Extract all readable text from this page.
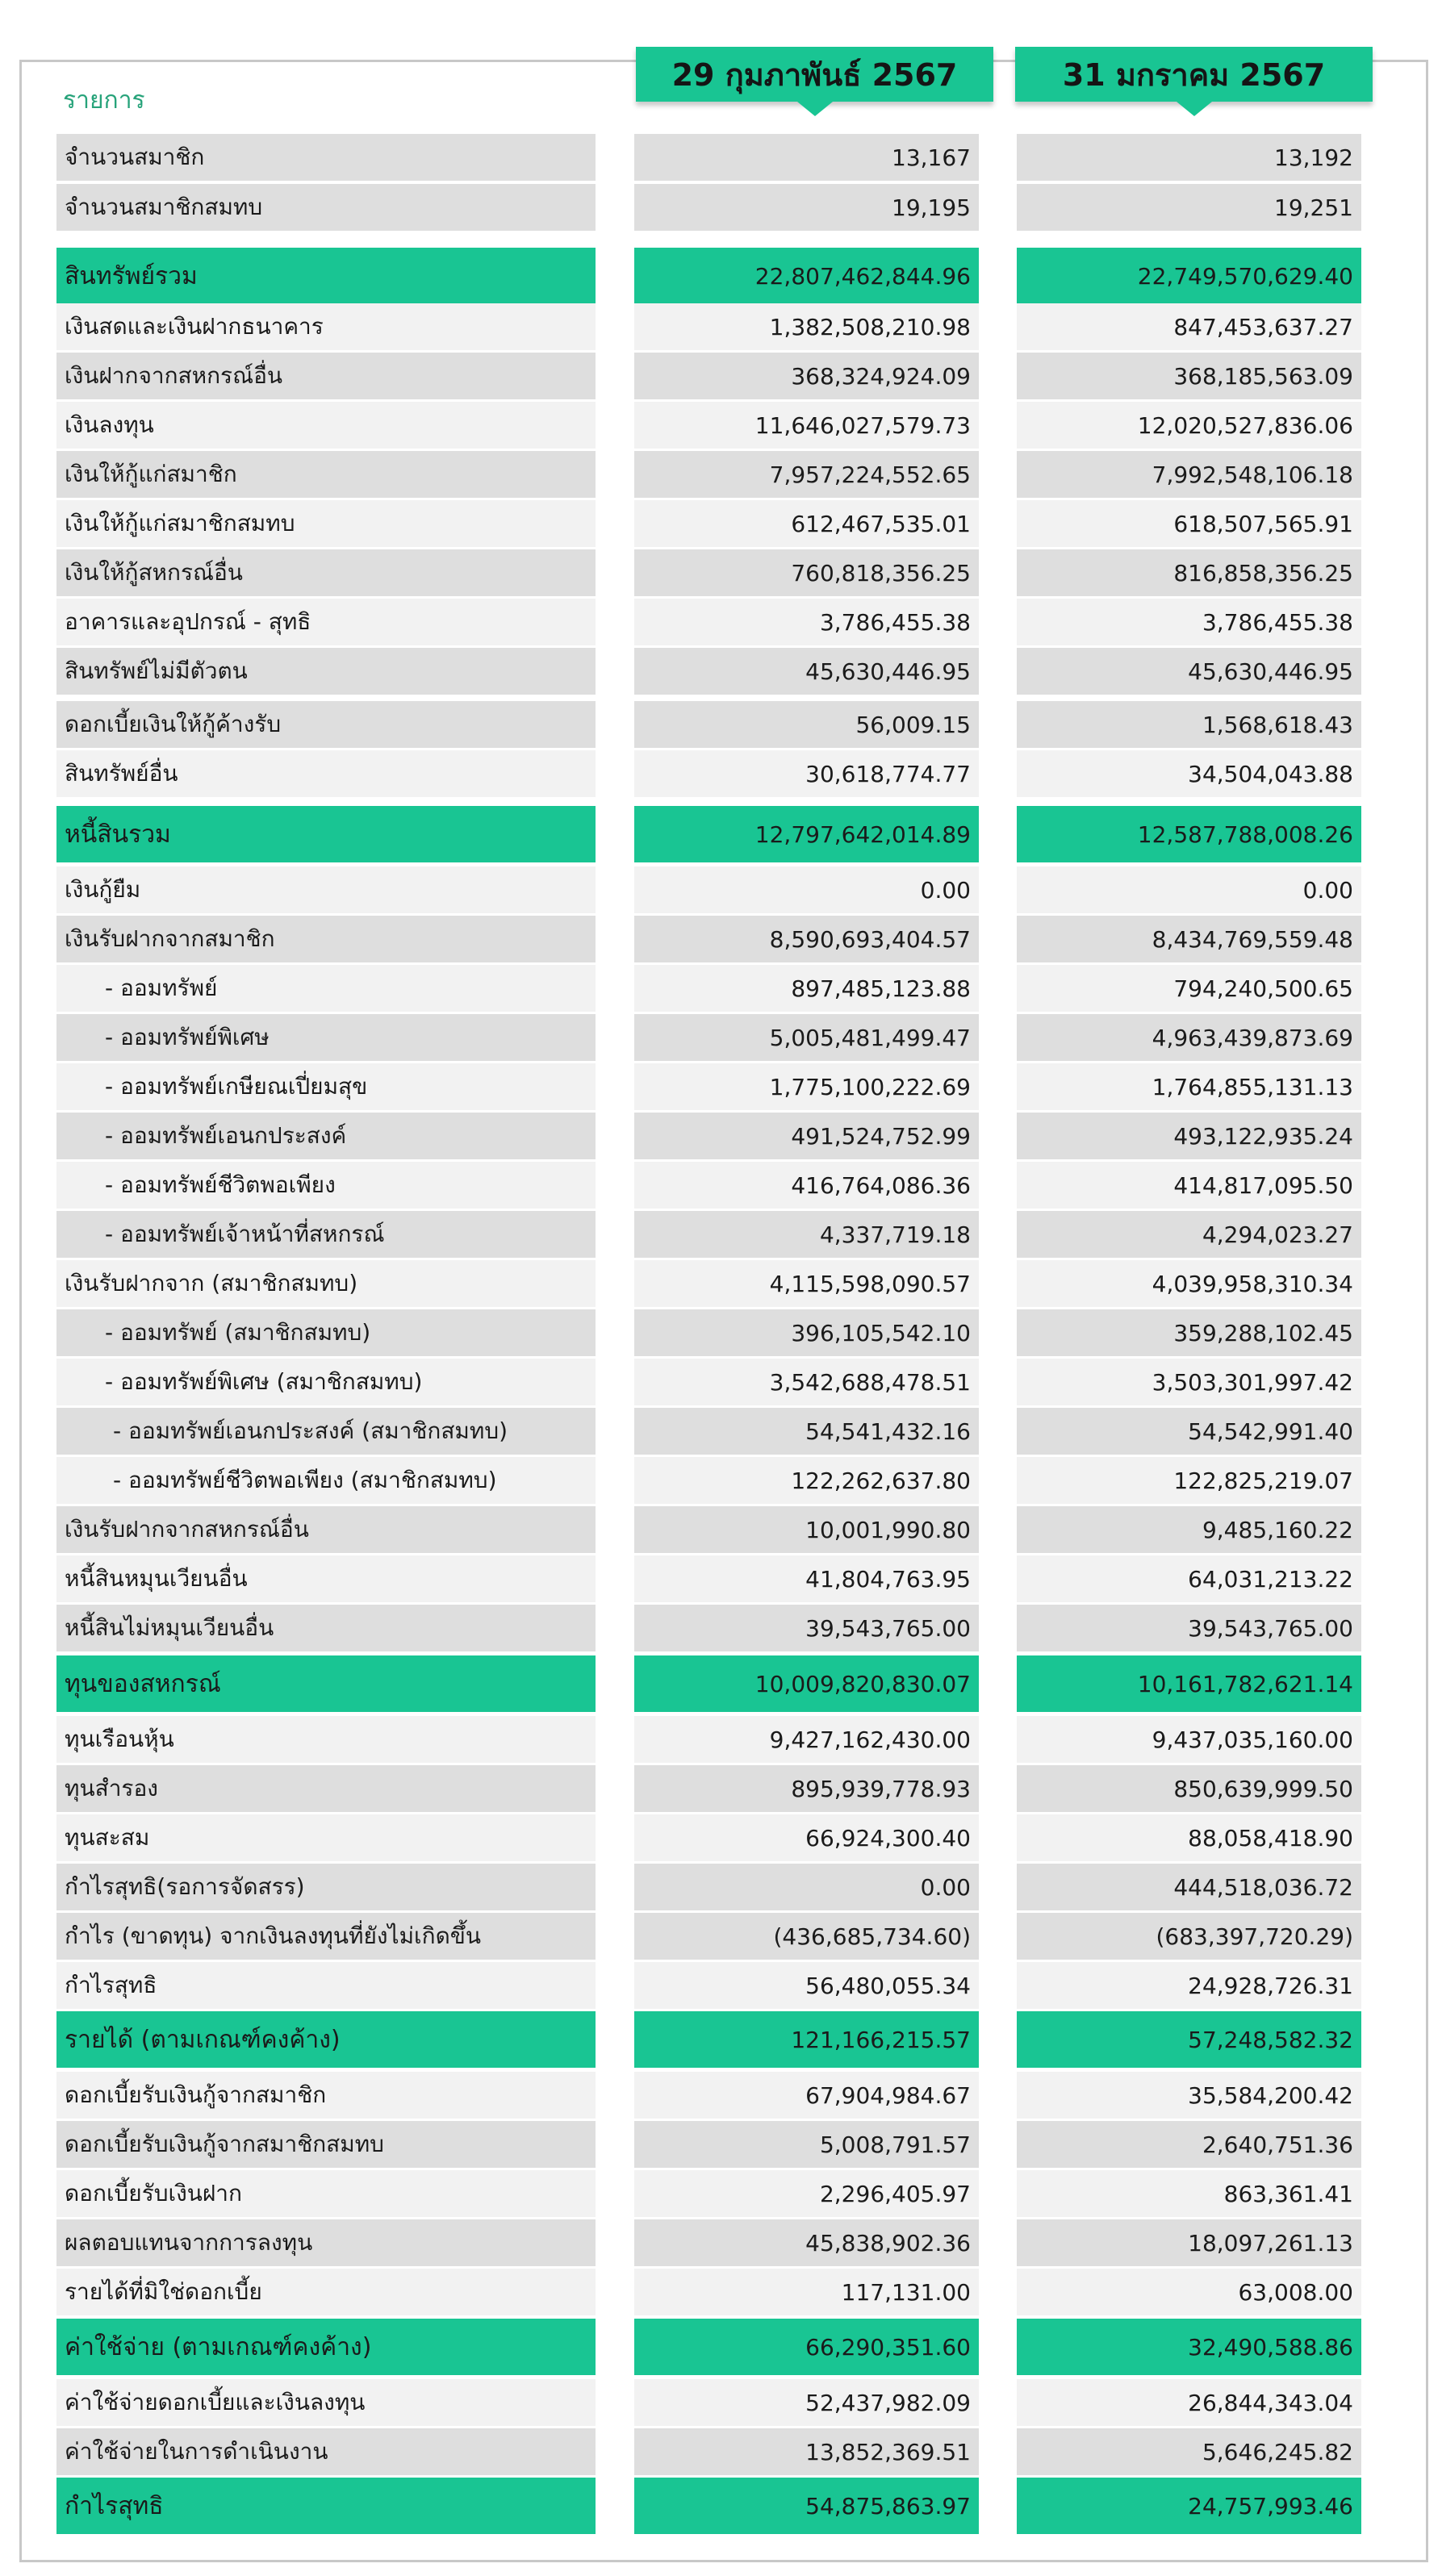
รายการ
29 กุมภาพันธ์ 2567	31 มกราคม 2567
จำนวนสมาชิก	13,167	13,192
จำนวนสมาชิกสมทบ	19,195	19,251
สินทรัพย์รวม	22,807,462,844.96	22,749,570,629.40
เงินสดและเงินฝากธนาคาร	1,382,508,210.98	847,453,637.27
เงินฝากจากสหกรณ์อื่น	368,324,924.09	368,185,563.09
เงินลงทุน	11,646,027,579.73	12,020,527,836.06
เงินให้กู้แก่สมาชิก	7,957,224,552.65	7,992,548,106.18
เงินให้กู้แก่สมาชิกสมทบ	612,467,535.01	618,507,565.91
เงินให้กู้สหกรณ์อื่น	760,818,356.25	816,858,356.25
อาคารและอุปกรณ์ - สุทธิ	3,786,455.38	3,786,455.38
สินทรัพย์ไม่มีตัวตน	45,630,446.95	45,630,446.95
ดอกเบี้ยเงินให้กู้ค้างรับ	56,009.15	1,568,618.43
สินทรัพย์อื่น	30,618,774.77	34,504,043.88
หนี้สินรวม	12,797,642,014.89	12,587,788,008.26
เงินกู้ยืม	0.00	0.00
เงินรับฝากจากสมาชิก	8,590,693,404.57	8,434,769,559.48
- ออมทรัพย์	897,485,123.88	794,240,500.65
- ออมทรัพย์พิเศษ	5,005,481,499.47	4,963,439,873.69
- ออมทรัพย์เกษียณเปี่ยมสุข	1,775,100,222.69	1,764,855,131.13
- ออมทรัพย์เอนกประสงค์	491,524,752.99	493,122,935.24
- ออมทรัพย์ชีวิตพอเพียง	416,764,086.36	414,817,095.50
- ออมทรัพย์เจ้าหน้าที่สหกรณ์	4,337,719.18	4,294,023.27
เงินรับฝากจาก (สมาชิกสมทบ)	4,115,598,090.57	4,039,958,310.34
- ออมทรัพย์ (สมาชิกสมทบ)	396,105,542.10	359,288,102.45
- ออมทรัพย์พิเศษ (สมาชิกสมทบ)	3,542,688,478.51	3,503,301,997.42
- ออมทรัพย์เอนกประสงค์ (สมาชิกสมทบ)	54,541,432.16	54,542,991.40
- ออมทรัพย์ชีวิตพอเพียง (สมาชิกสมทบ)	122,262,637.80	122,825,219.07
เงินรับฝากจากสหกรณ์อื่น	10,001,990.80	9,485,160.22
หนี้สินหมุนเวียนอื่น	41,804,763.95	64,031,213.22
หนี้สินไม่หมุนเวียนอื่น	39,543,765.00	39,543,765.00
ทุนของสหกรณ์	10,009,820,830.07	10,161,782,621.14
ทุนเรือนหุ้น	9,427,162,430.00	9,437,035,160.00
ทุนสำรอง	895,939,778.93	850,639,999.50
ทุนสะสม	66,924,300.40	88,058,418.90
กำไรสุทธิ(รอการจัดสรร)	0.00	444,518,036.72
กำไร (ขาดทุน) จากเงินลงทุนที่ยังไม่เกิดขึ้น	(436,685,734.60)	(683,397,720.29)
กำไรสุทธิ	56,480,055.34	24,928,726.31
รายได้ (ตามเกณฑ์คงค้าง)	121,166,215.57	57,248,582.32
ดอกเบี้ยรับเงินกู้จากสมาชิก	67,904,984.67	35,584,200.42
ดอกเบี้ยรับเงินกู้จากสมาชิกสมทบ	5,008,791.57	2,640,751.36
ดอกเบี้ยรับเงินฝาก	2,296,405.97	863,361.41
ผลตอบแทนจากการลงทุน	45,838,902.36	18,097,261.13
รายได้ที่มิใช่ดอกเบี้ย	117,131.00	63,008.00
ค่าใช้จ่าย (ตามเกณฑ์คงค้าง)	66,290,351.60	32,490,588.86
ค่าใช้จ่ายดอกเบี้ยและเงินลงทุน	52,437,982.09	26,844,343.04
ค่าใช้จ่ายในการดำเนินงาน	13,852,369.51	5,646,245.82
กำไรสุทธิ	54,875,863.97	24,757,993.46
